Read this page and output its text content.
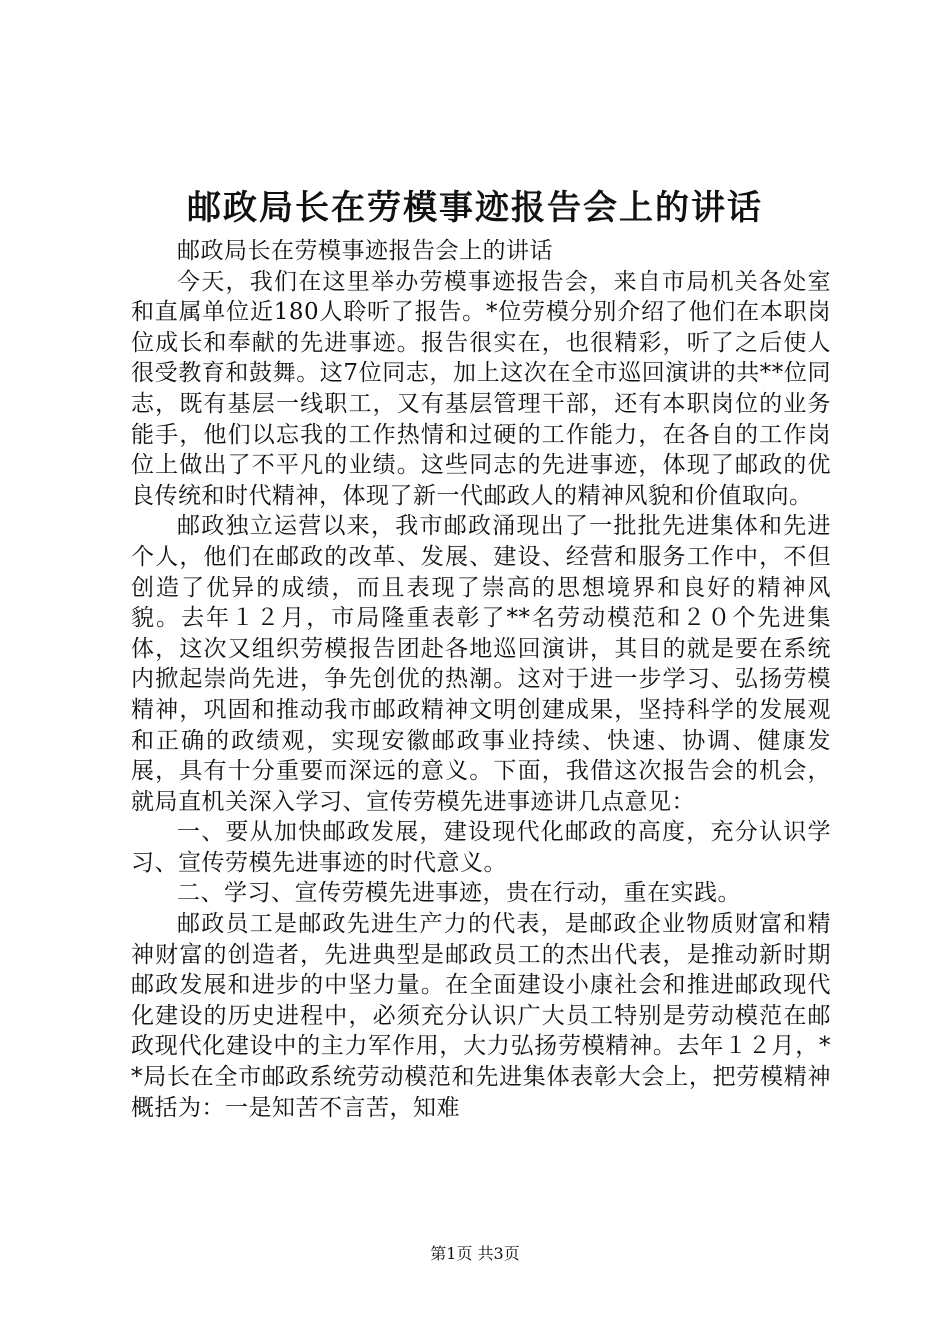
邮政局长在劳模事迹报告会上的讲话

邮政局长在劳模事迹报告会上的讲话

今天，我们在这里举办劳模事迹报告会，来自市局机关各处室和直属单位近180人聆听了报告。*位劳模分别介绍了他们在本职岗位成长和奉献的先进事迹。报告很实在，也很精彩，听了之后使人很受教育和鼓舞。这7位同志，加上这次在全市巡回演讲的共**位同志，既有基层一线职工，又有基层管理干部，还有本职岗位的业务能手，他们以忘我的工作热情和过硬的工作能力，在各自的工作岗位上做出了不平凡的业绩。这些同志的先进事迹，体现了邮政的优良传统和时代精神，体现了新一代邮政人的精神风貌和价值取向。

邮政独立运营以来，我市邮政涌现出了一批批先进集体和先进个人，他们在邮政的改革、发展、建设、经营和服务工作中，不但创造了优异的成绩，而且表现了崇高的思想境界和良好的精神风貌。去年１２月，市局隆重表彰了**名劳动模范和２０个先进集体，这次又组织劳模报告团赴各地巡回演讲，其目的就是要在系统内掀起崇尚先进，争先创优的热潮。这对于进一步学习、弘扬劳模精神，巩固和推动我市邮政精神文明创建成果，坚持科学的发展观和正确的政绩观，实现安徽邮政事业持续、快速、协调、健康发展，具有十分重要而深远的意义。下面，我借这次报告会的机会，就局直机关深入学习、宣传劳模先进事迹讲几点意见：

一、要从加快邮政发展，建设现代化邮政的高度，充分认识学习、宣传劳模先进事迹的时代意义。

二、学习、宣传劳模先进事迹，贵在行动，重在实践。

邮政员工是邮政先进生产力的代表，是邮政企业物质财富和精神财富的创造者，先进典型是邮政员工的杰出代表，是推动新时期邮政发展和进步的中坚力量。在全面建设小康社会和推进邮政现代化建设的历史进程中，必须充分认识广大员工特别是劳动模范在邮政现代化建设中的主力军作用，大力弘扬劳模精神。去年１２月，**局长在全市邮政系统劳动模范和先进集体表彰大会上，把劳模精神概括为：一是知苦不言苦，知难

第1页 共3页
